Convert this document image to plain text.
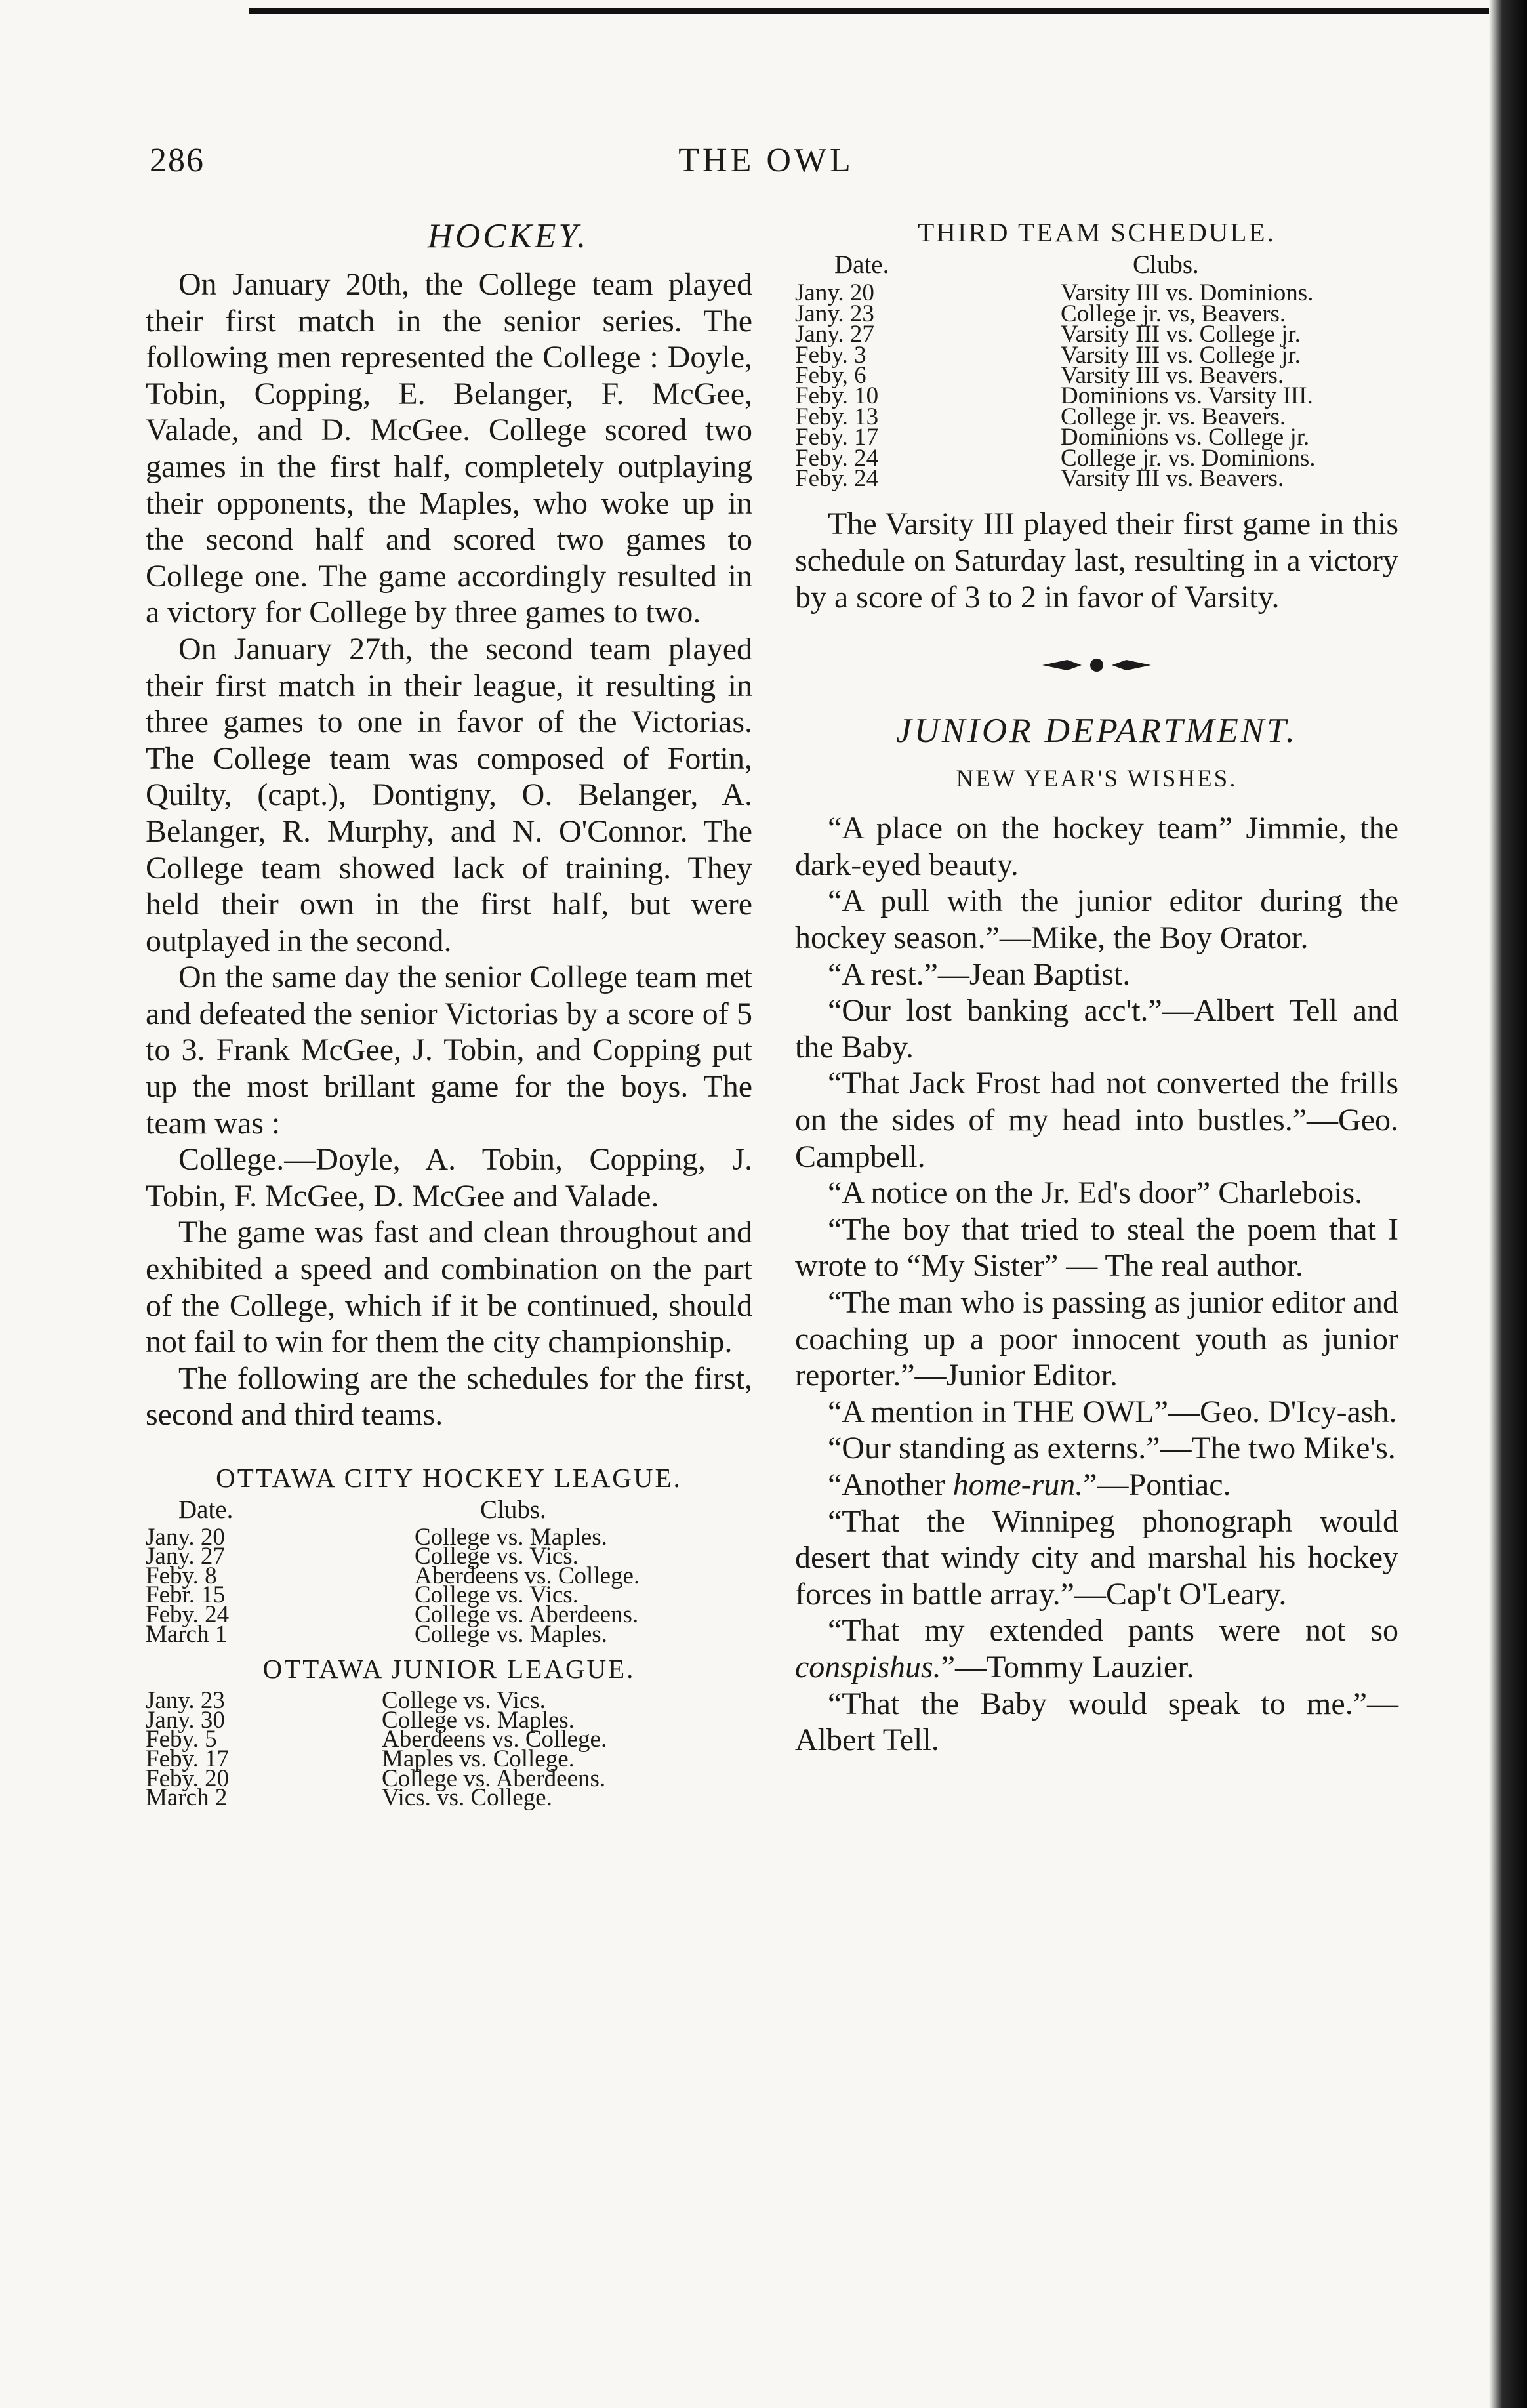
286	THE OWL
HOCKEY.

On January 20th, the College team played their first match in the senior series. The following men represented the College : Doyle, Tobin, Copping, E. Belanger, F. McGee, Valade, and D. McGee. College scored two games in the first half, completely outplaying their opponents, the Maples, who woke up in the second half and scored two games to College one. The game accordingly resulted in a victory for College by three games to two.

On January 27th, the second team played their first match in their league, it resulting in three games to one in favor of the Victorias. The College team was composed of Fortin, Quilty, (capt.), Dontigny, O. Belanger, A. Belanger, R. Murphy, and N. O'Connor. The College team showed lack of training. They held their own in the first half, but were outplayed in the second.

On the same day the senior College team met and defeated the senior Victorias by a score of 5 to 3. Frank McGee, J. Tobin, and Copping put up the most brillant game for the boys. The team was :

College.—Doyle, A. Tobin, Copping, J. Tobin, F. McGee, D. McGee and Valade.

The game was fast and clean throughout and exhibited a speed and combination on the part of the College, which if it be continued, should not fail to win for them the city championship.

The following are the schedules for the first, second and third teams.

OTTAWA CITY HOCKEY LEAGUE.
Date.	Clubs.
Jany. 20	College vs. Maples.
Jany. 27	College vs. Vics.
Feby. 8	Aberdeens vs. College.
Febr. 15	College vs. Vics.
Feby. 24	College vs. Aberdeens.
March 1	College vs. Maples.
OTTAWA JUNIOR LEAGUE.
Jany. 23	College vs. Vics.
Jany. 30	College vs. Maples.
Feby. 5	Aberdeens vs. College.
Feby. 17	Maples vs. College.
Feby. 20	College vs. Aberdeens.
March 2	Vics. vs. College.
THIRD TEAM SCHEDULE.
Date.	Clubs.
Jany. 20	Varsity III vs. Dominions.
Jany. 23	College jr. vs, Beavers.
Jany. 27	Varsity III vs. College jr.
Feby. 3	Varsity III vs. College jr.
Feby, 6	Varsity III vs. Beavers.
Feby. 10	Dominions vs. Varsity III.
Feby. 13	College jr. vs. Beavers.
Feby. 17	Dominions vs. College jr.
Feby. 24	College jr. vs. Dominions.
Feby. 24	Varsity III vs. Beavers.

The Varsity III played their first game in this schedule on Saturday last, resulting in a victory by a score of 3 to 2 in favor of Varsity.

JUNIOR DEPARTMENT.
NEW YEAR'S WISHES.

“A place on the hockey team” Jimmie, the dark-eyed beauty.

“A pull with the junior editor during the hockey season.”—Mike, the Boy Orator.

“A rest.”—Jean Baptist.

“Our lost banking acc't.”—Albert Tell and the Baby.

“That Jack Frost had not converted the frills on the sides of my head into bustles.”—Geo. Campbell.

“A notice on the Jr. Ed's door” Charlebois.

“The boy that tried to steal the poem that I wrote to “My Sister” — The real author.

“The man who is passing as junior editor and coaching up a poor innocent youth as junior reporter.”—Junior Editor.

“A mention in THE OWL”—Geo. D'Icy-ash.

“Our standing as externs.”—The two Mike's.

“Another home-run.”—Pontiac.

“That the Winnipeg phonograph would desert that windy city and marshal his hockey forces in battle array.”—Cap't O'Leary.

“That my extended pants were not so conspishus.”—Tommy Lauzier.

“That the Baby would speak to me.”—Albert Tell.
